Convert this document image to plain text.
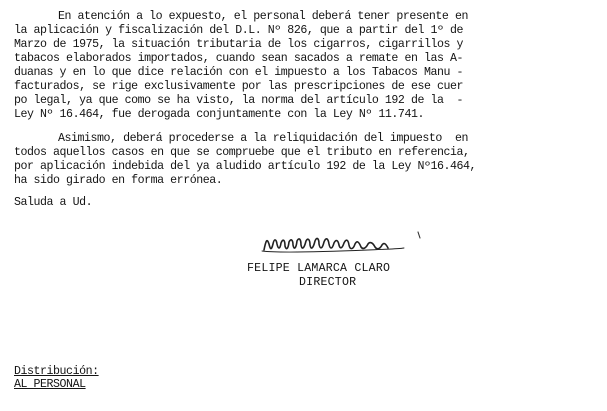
En atención a lo expuesto, el personal deberá tener presente en
la aplicación y fiscalización del D.L. Nº 826, que a partir del 1º de
Marzo de 1975, la situación tributaria de los cigarros, cigarrillos y
tabacos elaborados importados, cuando sean sacados a remate en las A-
duanas y en lo que dice relación con el impuesto a los Tabacos Manu -
facturados, se rige exclusivamente por las prescripciones de ese cuer
po legal, ya que como se ha visto, la norma del artículo 192 de la  -
Ley Nº 16.464, fue derogada conjuntamente con la Ley Nº 11.741.
Asimismo, deberá procederse a la reliquidación del impuesto  en
todos aquellos casos en que se compruebe que el tributo en referencia,
por aplicación indebida del ya aludido artículo 192 de la Ley Nº16.464,
ha sido girado en forma errónea.
Saluda a Ud.
FELIPE LAMARCA CLARO
DIRECTOR
Distribución:
AL PERSONAL
